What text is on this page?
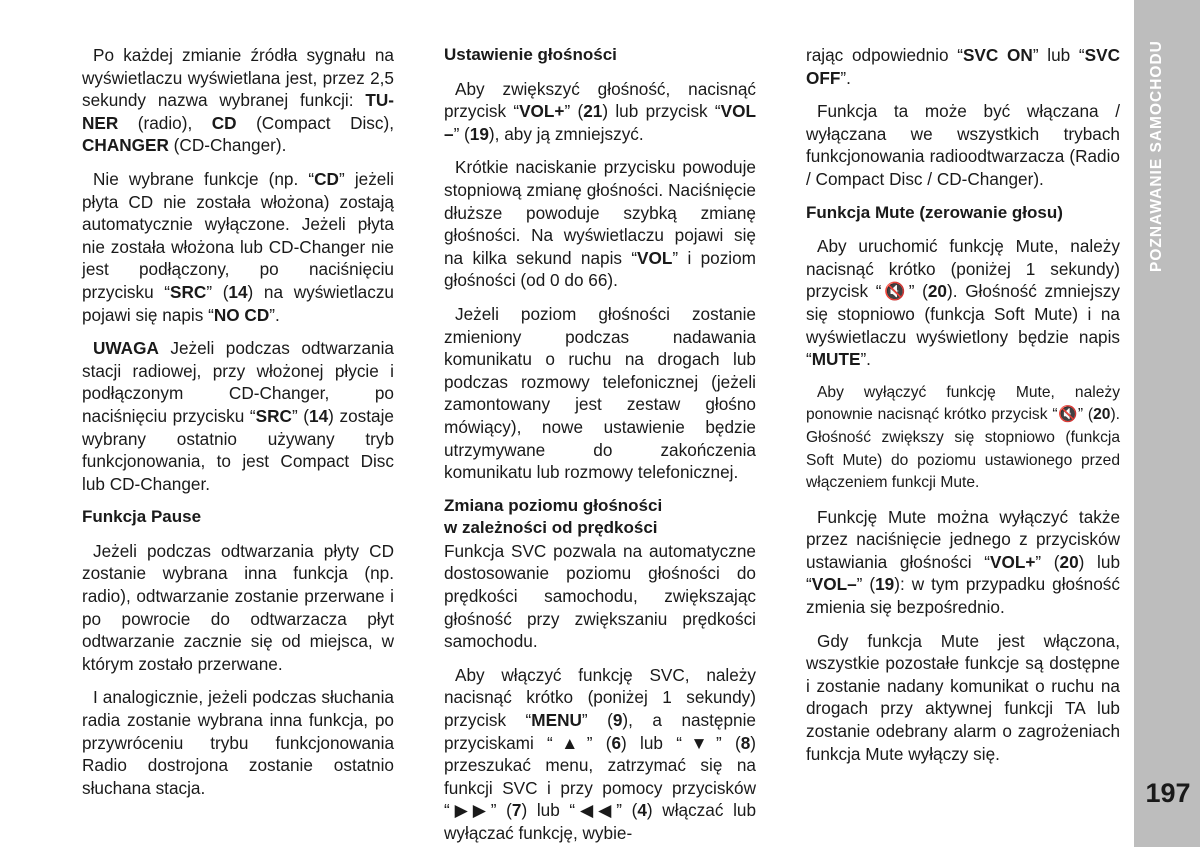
POZNAWANIE SAMOCHODU
197

Po każdej zmianie źródła sygnału na wyświetlaczu wyświetlana jest, przez 2,5 sekundy nazwa wybranej funkcji: TU-NER (radio), CD (Compact Disc), CHANGER (CD-Changer).

Nie wybrane funkcje (np. “CD” jeżeli płyta CD nie została włożona) zostają automatycznie wyłączone. Jeżeli płyta nie została włożona lub CD-Changer nie jest podłączony, po naciśnięciu przycisku “SRC” (14) na wyświetlaczu pojawi się napis “NO CD”.

UWAGA Jeżeli podczas odtwarzania stacji radiowej, przy włożonej płycie i podłączonym CD-Changer, po naciśnięciu przycisku “SRC” (14) zostaje wybrany ostatnio używany tryb funkcjonowania, to jest Compact Disc lub CD-Changer.

Funkcja Pause

Jeżeli podczas odtwarzania płyty CD zostanie wybrana inna funkcja (np. radio), odtwarzanie zostanie przerwane i po powrocie do odtwarzacza płyt odtwarzanie zacznie się od miejsca, w którym zostało przerwane.

I analogicznie, jeżeli podczas słuchania radia zostanie wybrana inna funkcja, po przywróceniu trybu funkcjonowania Radio dostrojona zostanie ostatnio słuchana stacja.

Ustawienie głośności

Aby zwiększyć głośność, nacisnąć przycisk “VOL+” (21) lub przycisk “VOL –” (19), aby ją zmniejszyć.

Krótkie naciskanie przycisku powoduje stopniową zmianę głośności. Naciśnięcie dłuższe powoduje szybką zmianę głośności. Na wyświetlaczu pojawi się na kilka sekund napis “VOL” i poziom głośności (od 0 do 66).

Jeżeli poziom głośności zostanie zmieniony podczas nadawania komunikatu o ruchu na drogach lub podczas rozmowy telefonicznej (jeżeli zamontowany jest zestaw głośno mówiący), nowe ustawienie będzie utrzymywane do zakończenia komunikatu lub rozmowy telefonicznej.

Zmiana poziomu głośności
w zależności od prędkości

Funkcja SVC pozwala na automatyczne dostosowanie poziomu głośności do prędkości samochodu, zwiększając głośność przy zwiększaniu prędkości samochodu.

Aby włączyć funkcję SVC, należy nacisnąć krótko (poniżej 1 sekundy) przycisk “MENU” (9), a następnie przyciskami “▲” (6) lub “▼” (8) przeszukać menu, zatrzymać się na funkcji SVC i przy pomocy przycisków “▶▶” (7) lub “◀◀” (4) włączać lub wyłączać funkcję, wybie-

rając odpowiednio “SVC ON” lub “SVC OFF”.

Funkcja ta może być włączana / wyłączana we wszystkich trybach funkcjonowania radioodtwarzacza (Radio / Compact Disc / CD-Changer).

Funkcja Mute (zerowanie głosu)

Aby uruchomić funkcję Mute, należy nacisnąć krótko (poniżej 1 sekundy) przycisk “🔇” (20). Głośność zmniejszy się stopniowo (funkcja Soft Mute) i na wyświetlaczu wyświetlony będzie napis “MUTE”.

Aby wyłączyć funkcję Mute, należy ponownie nacisnąć krótko przycisk “🔇” (20). Głośność zwiększy się stopniowo (funkcja Soft Mute) do poziomu ustawionego przed włączeniem funkcji Mute.

Funkcję Mute można wyłączyć także przez naciśnięcie jednego z przycisków ustawiania głośności “VOL+” (20) lub “VOL–” (19): w tym przypadku głośność zmienia się bezpośrednio.

Gdy funkcja Mute jest włączona, wszystkie pozostałe funkcje są dostępne i zostanie nadany komunikat o ruchu na drogach przy aktywnej funkcji TA lub zostanie odebrany alarm o zagrożeniach funkcja Mute wyłączy się.
